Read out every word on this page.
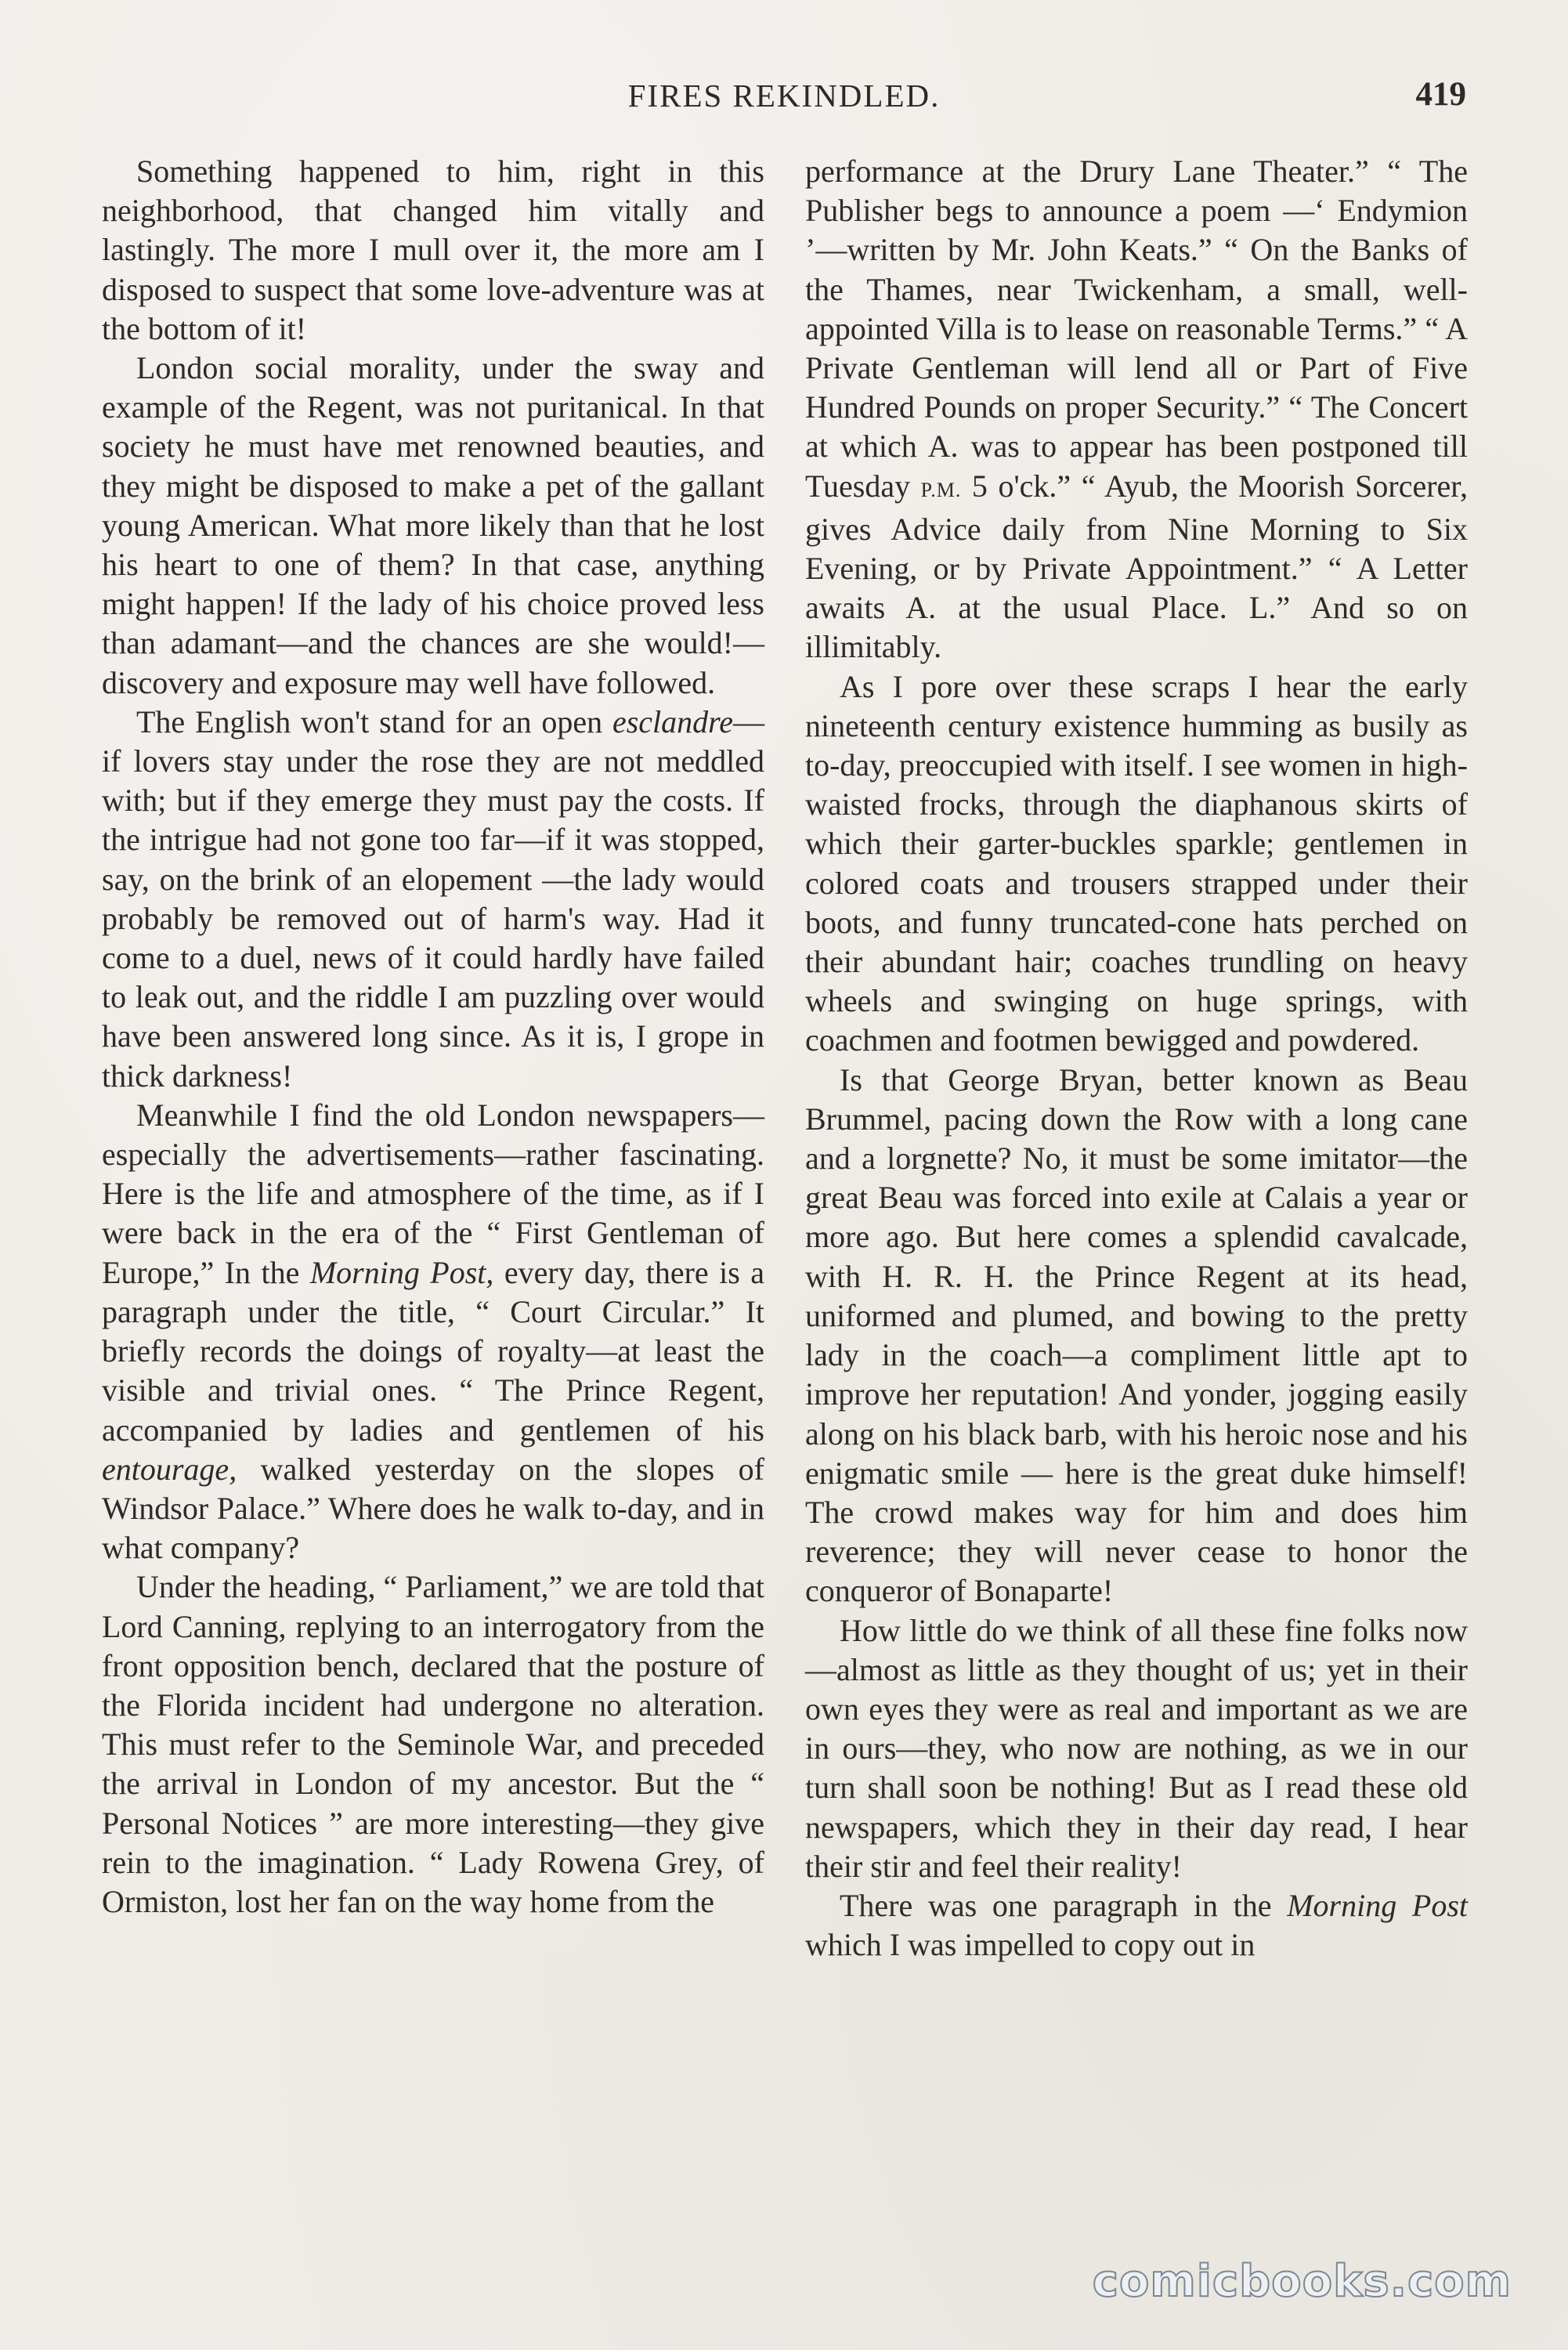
FIRES REKINDLED.	419

Something happened to him, right in this neighborhood, that changed him vitally and lastingly. The more I mull over it, the more am I disposed to suspect that some love-adventure was at the bottom of it!

London social morality, under the sway and example of the Regent, was not puritanical. In that society he must have met renowned beauties, and they might be disposed to make a pet of the gallant young American. What more likely than that he lost his heart to one of them? In that case, anything might happen! If the lady of his choice proved less than adamant—and the chances are she would!—discovery and exposure may well have followed.

The English won't stand for an open esclandre—if lovers stay under the rose they are not meddled with; but if they emerge they must pay the costs. If the intrigue had not gone too far—if it was stopped, say, on the brink of an elopement —the lady would probably be removed out of harm's way. Had it come to a duel, news of it could hardly have failed to leak out, and the riddle I am puzzling over would have been answered long since. As it is, I grope in thick darkness!

Meanwhile I find the old London newspapers—especially the advertisements—rather fascinating. Here is the life and atmosphere of the time, as if I were back in the era of the “ First Gentleman of Europe,” In the Morning Post, every day, there is a paragraph under the title, “ Court Circular.” It briefly records the doings of royalty—at least the visible and trivial ones. “ The Prince Regent, accompanied by ladies and gentlemen of his entourage, walked yesterday on the slopes of Windsor Palace.” Where does he walk to-day, and in what company?

Under the heading, “ Parliament,” we are told that Lord Canning, replying to an interrogatory from the front opposition bench, declared that the posture of the Florida incident had undergone no alteration. This must refer to the Seminole War, and preceded the arrival in London of my ancestor. But the “ Personal Notices ” are more interesting—they give rein to the imagination. “ Lady Rowena Grey, of Ormiston, lost her fan on the way home from the

performance at the Drury Lane Theater.” “ The Publisher begs to announce a poem —‘ Endymion ’—written by Mr. John Keats.” “ On the Banks of the Thames, near Twickenham, a small, well-appointed Villa is to lease on reasonable Terms.” “ A Private Gentleman will lend all or Part of Five Hundred Pounds on proper Security.” “ The Concert at which A. was to appear has been postponed till Tuesday P.M. 5 o'ck.” “ Ayub, the Moorish Sorcerer, gives Advice daily from Nine Morning to Six Evening, or by Private Appointment.” “ A Letter awaits A. at the usual Place. L.” And so on illimitably.

As I pore over these scraps I hear the early nineteenth century existence humming as busily as to-day, preoccupied with itself. I see women in high-waisted frocks, through the diaphanous skirts of which their garter-buckles sparkle; gentlemen in colored coats and trousers strapped under their boots, and funny truncated-cone hats perched on their abundant hair; coaches trundling on heavy wheels and swinging on huge springs, with coachmen and footmen bewigged and powdered.

Is that George Bryan, better known as Beau Brummel, pacing down the Row with a long cane and a lorgnette? No, it must be some imitator—the great Beau was forced into exile at Calais a year or more ago. But here comes a splendid cavalcade, with H. R. H. the Prince Regent at its head, uniformed and plumed, and bowing to the pretty lady in the coach—a compliment little apt to improve her reputation! And yonder, jogging easily along on his black barb, with his heroic nose and his enigmatic smile — here is the great duke himself! The crowd makes way for him and does him reverence; they will never cease to honor the conqueror of Bonaparte!

How little do we think of all these fine folks now—almost as little as they thought of us; yet in their own eyes they were as real and important as we are in ours—they, who now are nothing, as we in our turn shall soon be nothing! But as I read these old newspapers, which they in their day read, I hear their stir and feel their reality!

There was one paragraph in the Morning Post which I was impelled to copy out in

comicbooks.com
